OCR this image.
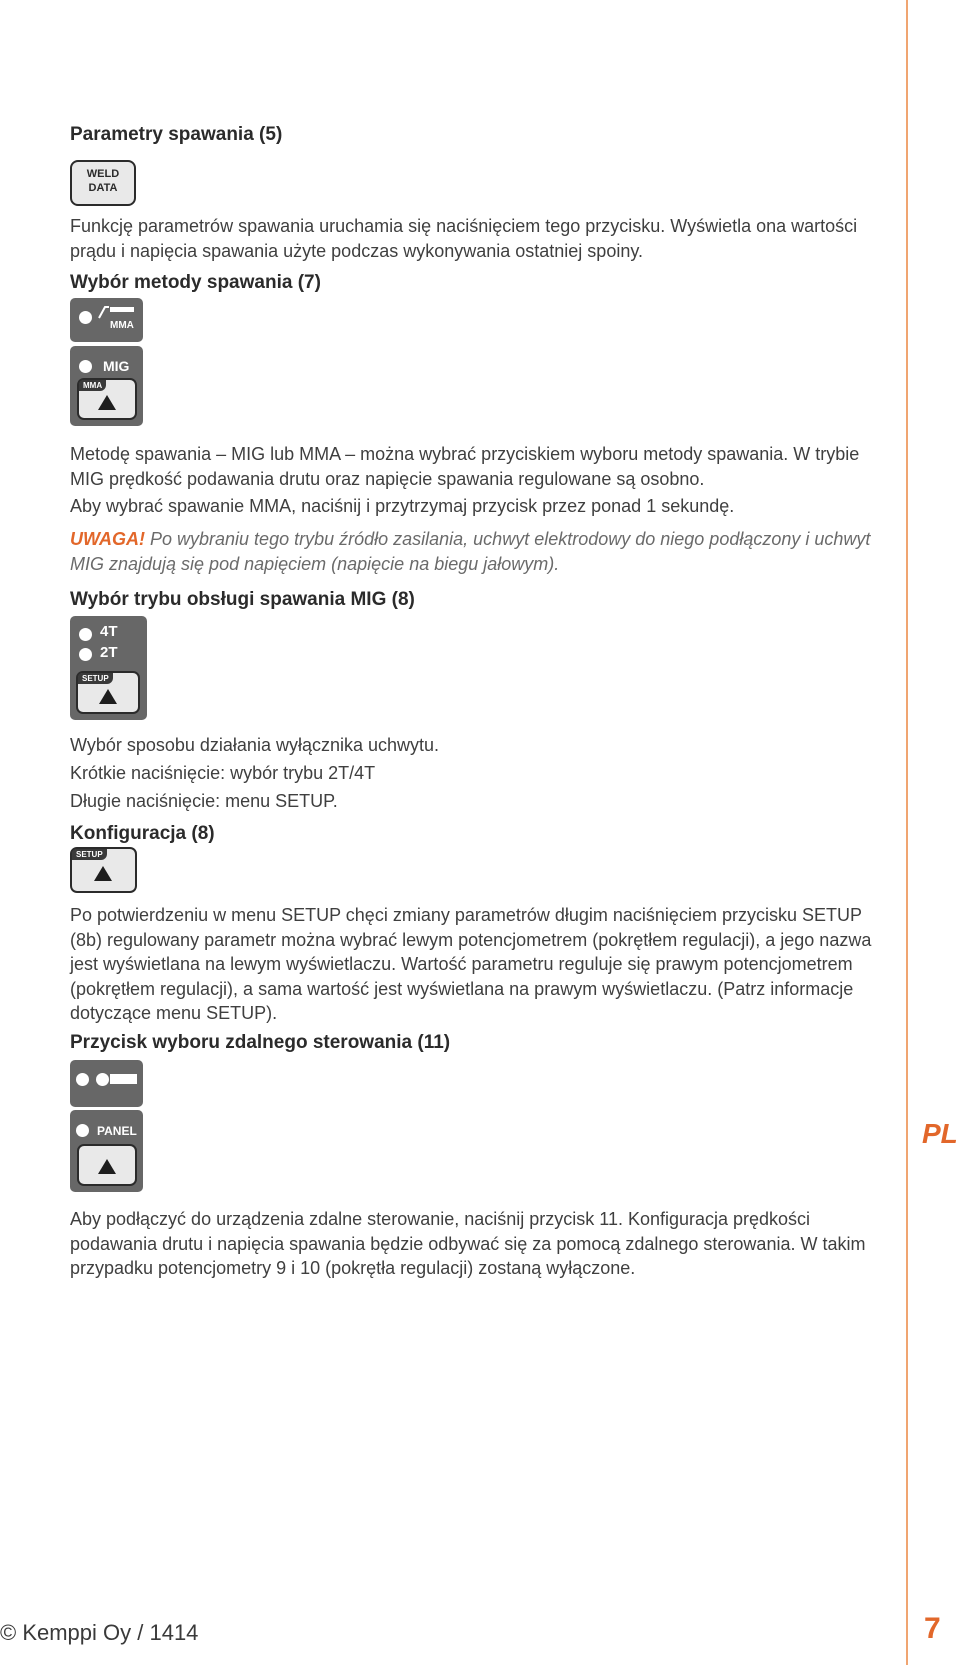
Parametry spawania (5)
WELD
DATA

Funkcję parametrów spawania uruchamia się naciśnięciem tego przycisku. Wyświetla ona wartości prądu i napięcia spawania użyte podczas wykonywania ostatniej spoiny.

Wybór metody spawania (7)
MMA
MIG
MMA

Metodę spawania – MIG lub MMA – można wybrać przyciskiem wyboru metody spawania. W trybie MIG prędkość podawania drutu oraz napięcie spawania regulowane są osobno.

Aby wybrać spawanie MMA, naciśnij i przytrzymaj przycisk przez ponad 1 sekundę.

UWAGA! Po wybraniu tego trybu źródło zasilania, uchwyt elektrodowy do niego podłączony i uchwyt MIG znajdują się pod napięciem (napięcie na biegu jałowym).

Wybór trybu obsługi spawania MIG (8)
4T
2T
SETUP

Wybór sposobu działania wyłącznika uchwytu.

Krótkie naciśnięcie: wybór trybu 2T/4T

Długie naciśnięcie: menu SETUP.

Konfiguracja (8)
SETUP

Po potwierdzeniu w menu SETUP chęci zmiany parametrów długim naciśnięciem przycisku SETUP (8b) regulowany parametr można wybrać lewym potencjometrem (pokrętłem regulacji), a jego nazwa jest wyświetlana na lewym wyświetlaczu. Wartość parametru reguluje się prawym potencjometrem (pokrętłem regulacji), a sama wartość jest wyświetlana na prawym wyświetlaczu. (Patrz informacje dotyczące menu SETUP).

Przycisk wyboru zdalnego sterowania (11)
PANEL

Aby podłączyć do urządzenia zdalne sterowanie, naciśnij przycisk 11. Konfiguracja prędkości podawania drutu i napięcia spawania będzie odbywać się za pomocą zdalnego sterowania. W takim przypadku potencjometry 9 i 10 (pokrętła regulacji) zostaną wyłączone.

PL
© Kemppi Oy / 1414	7
